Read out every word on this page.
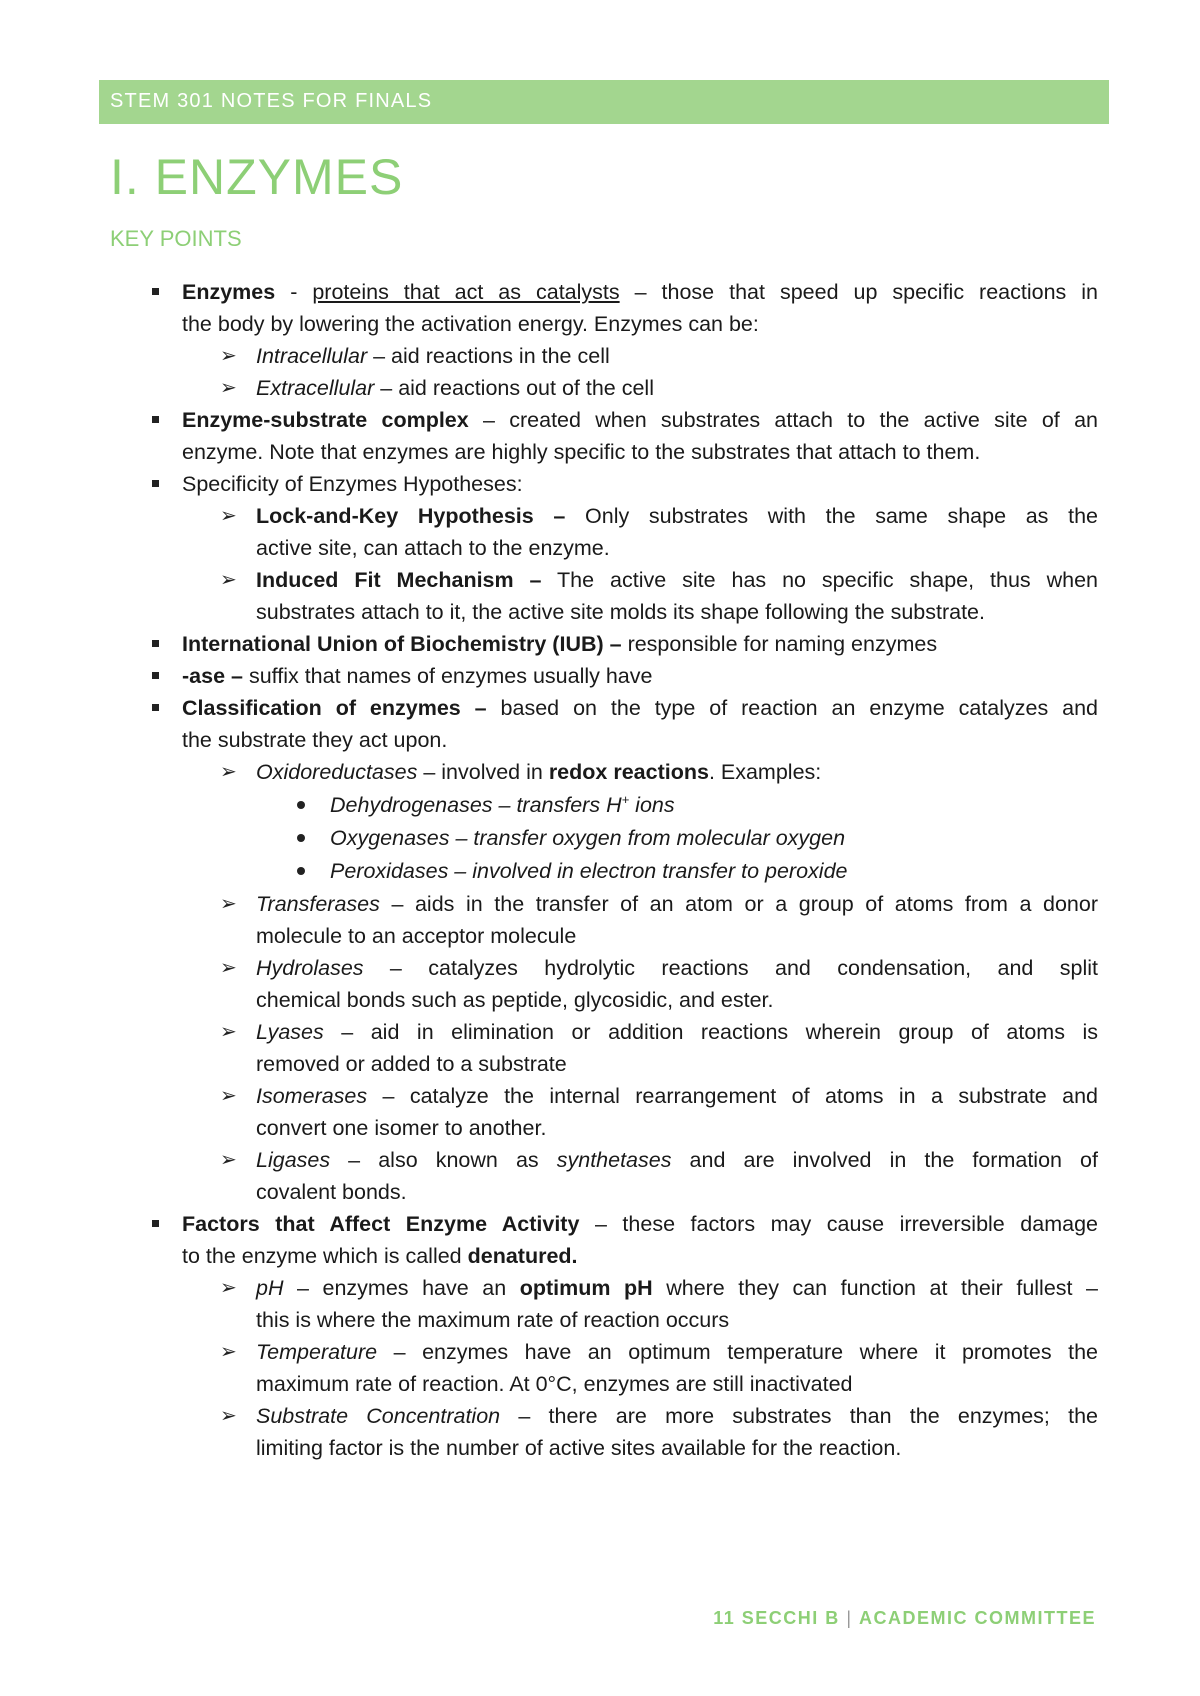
STEM 301 NOTES FOR FINALS
I. ENZYMES
KEY POINTS
Enzymes - proteins that act as catalysts – those that speed up specific reactions in
the body by lowering the activation energy. Enzymes can be:
➢ Intracellular – aid reactions in the cell
➢ Extracellular – aid reactions out of the cell
Enzyme-substrate complex – created when substrates attach to the active site of an
enzyme. Note that enzymes are highly specific to the substrates that attach to them.
Specificity of Enzymes Hypotheses:
➢ Lock-and-Key Hypothesis – Only substrates with the same shape as the
active site, can attach to the enzyme.
➢ Induced Fit Mechanism – The active site has no specific shape, thus when
substrates attach to it, the active site molds its shape following the substrate.
International Union of Biochemistry (IUB) – responsible for naming enzymes
-ase – suffix that names of enzymes usually have
Classification of enzymes – based on the type of reaction an enzyme catalyzes and
the substrate they act upon.
➢ Oxidoreductases – involved in redox reactions. Examples:
Dehydrogenases – transfers H+ ions
Oxygenases – transfer oxygen from molecular oxygen
Peroxidases – involved in electron transfer to peroxide
➢ Transferases – aids in the transfer of an atom or a group of atoms from a donor
molecule to an acceptor molecule
➢ Hydrolases – catalyzes hydrolytic reactions and condensation, and split
chemical bonds such as peptide, glycosidic, and ester.
➢ Lyases – aid in elimination or addition reactions wherein group of atoms is
removed or added to a substrate
➢ Isomerases – catalyze the internal rearrangement of atoms in a substrate and
convert one isomer to another.
➢ Ligases – also known as synthetases and are involved in the formation of
covalent bonds.
Factors that Affect Enzyme Activity – these factors may cause irreversible damage
to the enzyme which is called denatured.
➢ pH – enzymes have an optimum pH where they can function at their fullest –
this is where the maximum rate of reaction occurs
➢ Temperature – enzymes have an optimum temperature where it promotes the
maximum rate of reaction. At 0°C, enzymes are still inactivated
➢ Substrate Concentration – there are more substrates than the enzymes; the
limiting factor is the number of active sites available for the reaction.
11 SECCHI B | ACADEMIC COMMITTEE
